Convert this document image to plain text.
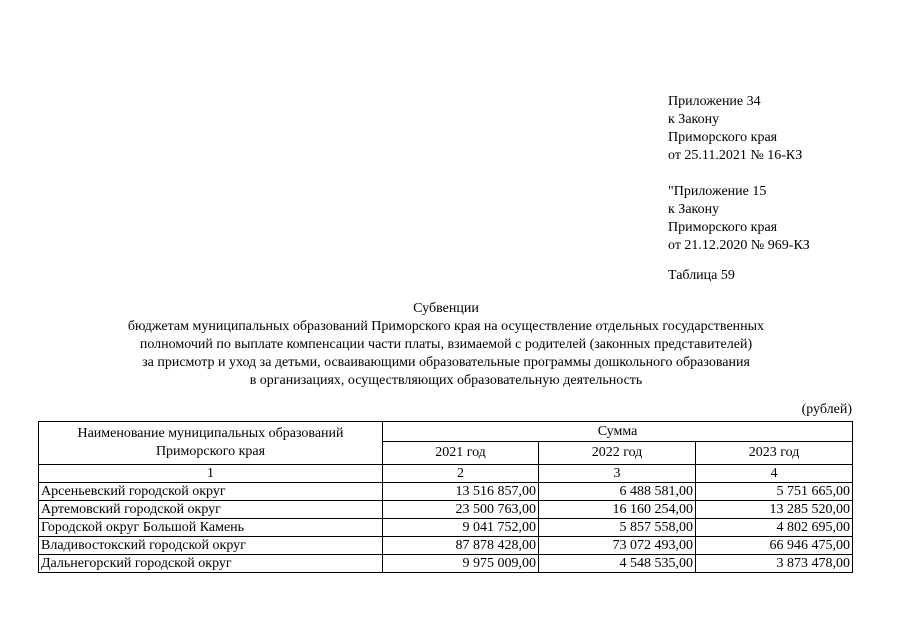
Приложение 34
к Закону
Приморского края
от 25.11.2021 № 16-КЗ
"Приложение 15
к Закону
Приморского края
от 21.12.2020 № 969-КЗ
Таблица 59
Субвенции
бюджетам муниципальных образований Приморского края на осуществление отдельных государственных
полномочий по выплате компенсации части платы, взимаемой с родителей (законных представителей)
за присмотр и уход за детьми, осваивающими образовательные программы дошкольного образования
в организациях, осуществляющих образовательную деятельность
(рублей)
Наименование муниципальных образований Приморского края	Сумма		
	2021 год	2022 год	2023 год
1	2	3	4
Арсеньевский городской округ	13 516 857,00	6 488 581,00	5 751 665,00
Артемовский городской округ	23 500 763,00	16 160 254,00	13 285 520,00
Городской округ Большой Камень	9 041 752,00	5 857 558,00	4 802 695,00
Владивостокский городской округ	87 878 428,00	73 072 493,00	66 946 475,00
Дальнегорский городской округ	9 975 009,00	4 548 535,00	3 873 478,00
